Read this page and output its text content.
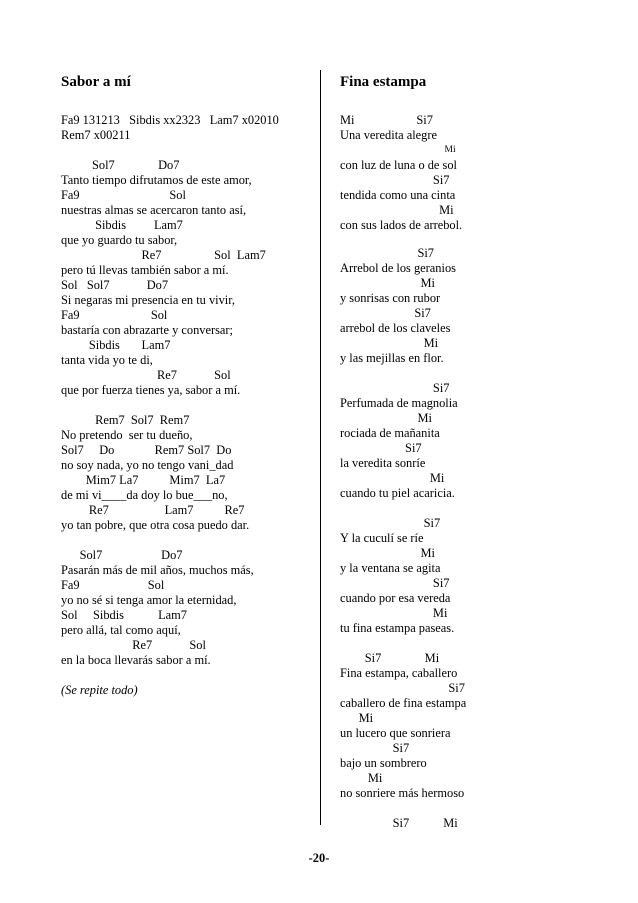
Sabor a mí
Fa9 131213   Sibdis xx2323   Lam7 x02010
Rem7 x00211
Sol7              Do7
Tanto tiempo difrutamos de este amor,
Fa9                             Sol
nuestras almas se acercaron tanto así,
Sibdis         Lam7
que yo guardo tu sabor,
Re7                 Sol  Lam7
pero tú llevas también sabor a mí.
Sol   Sol7            Do7
Si negaras mi presencia en tu vivir,
Fa9                       Sol
bastaría con abrazarte y conversar;
Sibdis       Lam7
tanta vida yo te di,
Re7            Sol
que por fuerza tienes ya, sabor a mí.
Rem7  Sol7  Rem7
No pretendo  ser tu dueño,
Sol7     Do             Rem7 Sol7  Do
no soy nada, yo no tengo vani_dad
Mim7 La7          Mim7  La7
de mi vi____da doy lo bue___no,
Re7                  Lam7          Re7
yo tan pobre, que otra cosa puedo dar.
Sol7                   Do7
Pasarán más de mil años, muchos más,
Fa9                      Sol
yo no sé si tenga amor la eternidad,
Sol     Sibdis           Lam7
pero allá, tal como aquí,
Re7            Sol
en la boca llevarás sabor a mí.
(Se repite todo)
Fina estampa
Mi                    Si7
Una veredita alegre
Mi
con luz de luna o de sol
Si7
tendida como una cinta
Mi
con sus lados de arrebol.
Si7
Arrebol de los geranios
Mi
y sonrisas con rubor
Si7
arrebol de los claveles
Mi
y las mejillas en flor.
Si7
Perfumada de magnolia
Mi
rociada de mañanita
Si7
la veredita sonríe
Mi
cuando tu piel acaricia.
Si7
Y la cuculí se ríe
Mi
y la ventana se agita
Si7
cuando por esa vereda
Mi
tu fina estampa paseas.
Si7              Mi
Fina estampa, caballero
Si7
caballero de fina estampa
Mi
un lucero que sonriera
Si7
bajo un sombrero
Mi
no sonriere más hermoso
Si7           Mi
-20-
